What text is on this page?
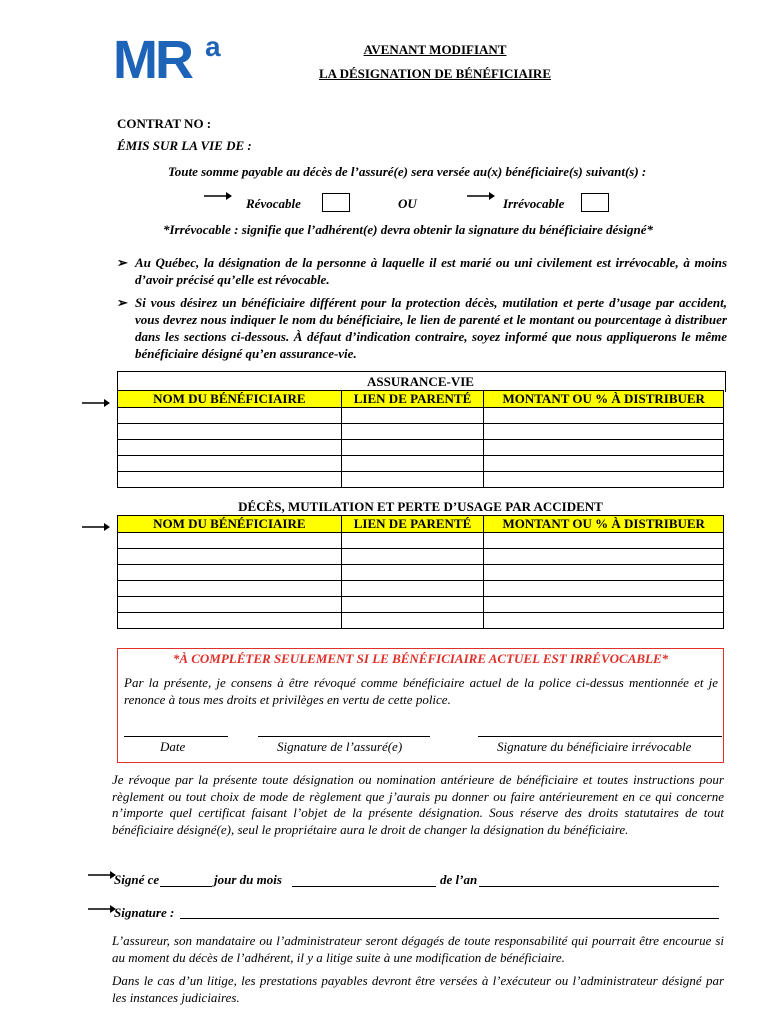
MR a	AVENANT MODIFIANT
LA DÉSIGNATION DE BÉNÉFICIAIRE
CONTRAT NO :
ÉMIS SUR LA VIE DE :
Toute somme payable au décès de l’assuré(e) sera versée au(x) bénéficiaire(s) suivant(s) :
Révocable	OU	Irrévocable
*Irrévocable : signifie que l’adhérent(e) devra obtenir la signature du bénéficiaire désigné*
➢ Au Québec, la désignation de la personne à laquelle il est marié ou uni civilement est irrévocable, à moins d’avoir précisé qu’elle est révocable.
➢ Si vous désirez un bénéficiaire différent pour la protection décès, mutilation et perte d’usage par accident, vous devrez nous indiquer le nom du bénéficiaire, le lien de parenté et le montant ou pourcentage à distribuer dans les sections ci-dessous. À défaut d’indication contraire, soyez informé que nous appliquerons le même bénéficiaire désigné qu’en assurance-vie.
ASSURANCE-VIE
NOM DU BÉNÉFICIAIRE	LIEN DE PARENTÉ	MONTANT OU % À DISTRIBUER

DÉCÈS, MUTILATION ET PERTE D’USAGE PAR ACCIDENT
NOM DU BÉNÉFICIAIRE	LIEN DE PARENTÉ	MONTANT OU % À DISTRIBUER

*À COMPLÉTER SEULEMENT SI LE BÉNÉFICIAIRE ACTUEL EST IRRÉVOCABLE*
Par la présente, je consens à être révoqué comme bénéficiaire actuel de la police ci-dessus mentionnée et je renonce à tous mes droits et privilèges en vertu de cette police.
Date	Signature de l’assuré(e)	Signature du bénéficiaire irrévocable
Je révoque par la présente toute désignation ou nomination antérieure de bénéficiaire et toutes instructions pour règlement ou tout choix de mode de règlement que j’aurais pu donner ou faire antérieurement en ce qui concerne n’importe quel certificat faisant l’objet de la présente désignation. Sous réserve des droits statutaires de tout bénéficiaire désigné(e), seul le propriétaire aura le droit de changer la désignation du bénéficiaire.
Signé ce	jour du mois	de l’an
Signature :
L’assureur, son mandataire ou l’administrateur seront dégagés de toute responsabilité qui pourrait être encourue si au moment du décès de l’adhérent, il y a litige suite à une modification de bénéficiaire.
Dans le cas d’un litige, les prestations payables devront être versées à l’exécuteur ou l’administrateur désigné par les instances judiciaires.
